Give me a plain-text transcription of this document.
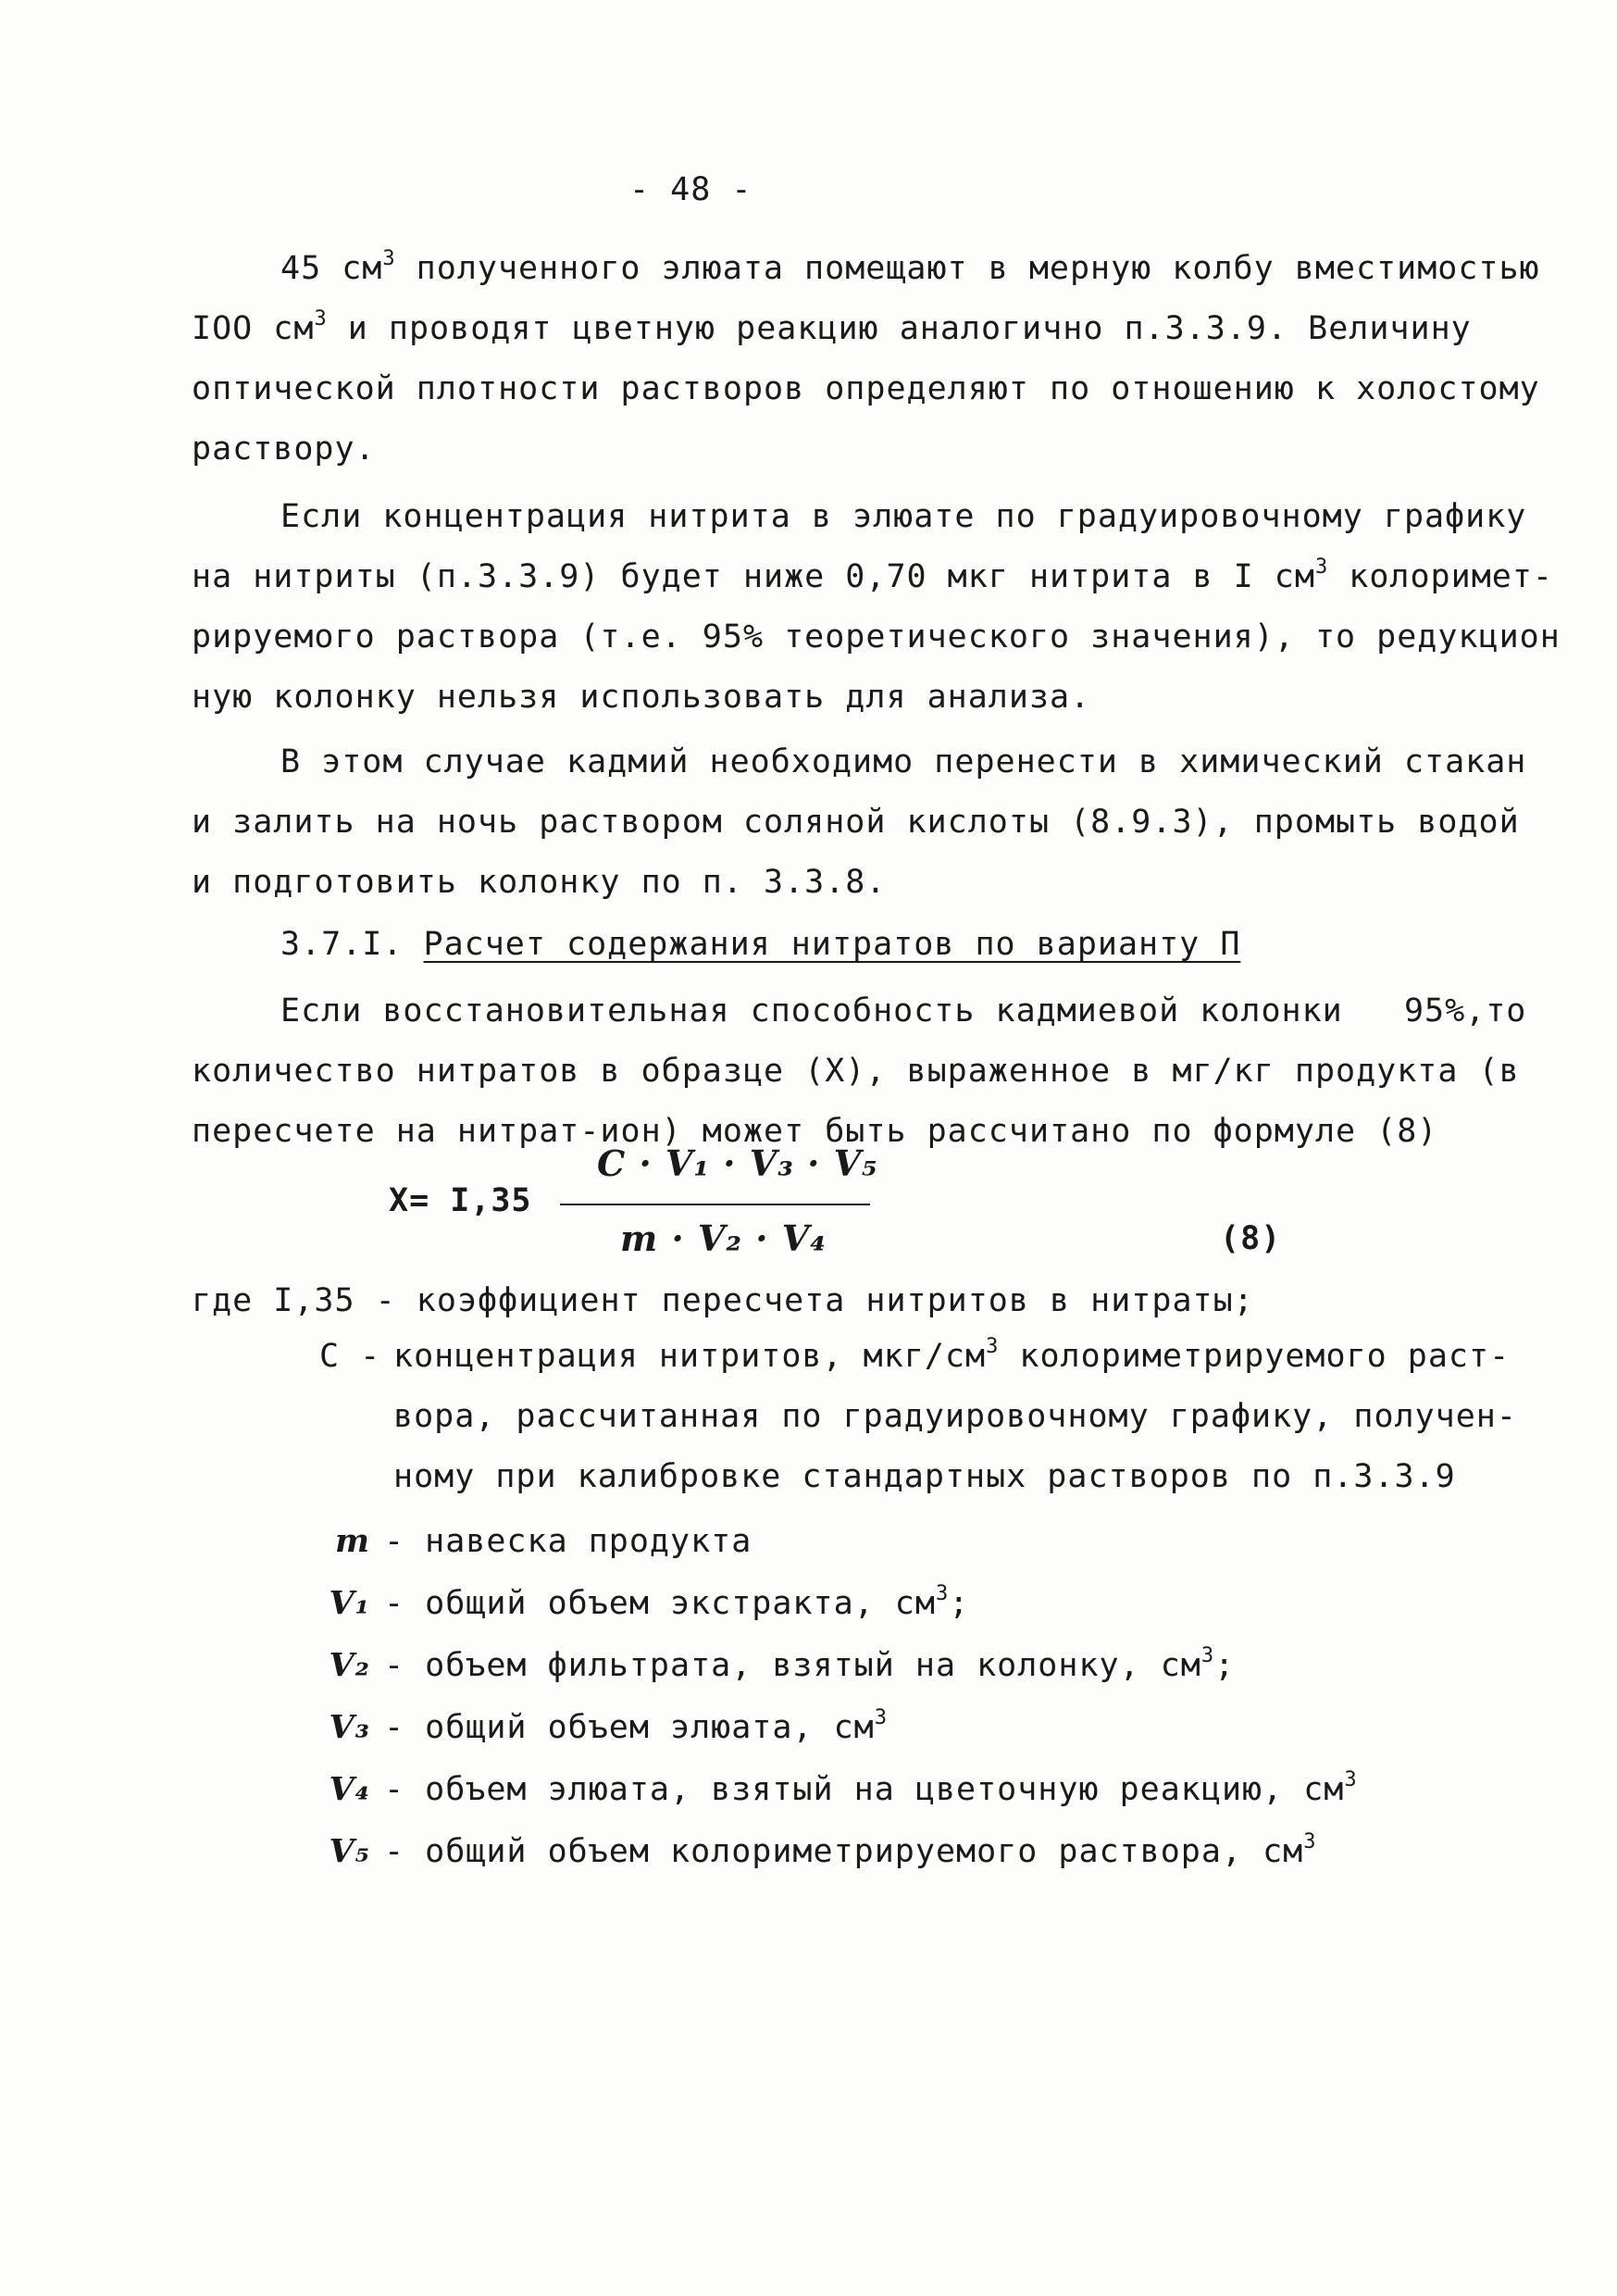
- 48 -
45 $см^3$ полученного элюата помещают в мерную колбу вместимостью
IOO $см^3$ и проводят цветную реакцию аналогично п.3.3.9. Величину
оптической плотности растворов определяют по отношению к холостому
раствору.
Если концентрация нитрита в элюате по градуировочному графику
на нитриты (п.3.3.9) будет ниже 0,70 мкг нитрита в I $см^3$ колоримет-
рируемого раствора (т.е. 95% теоретического значения), то редукцион
ную колонку нельзя использовать для анализа.
В этом случае кадмий необходимо перенести в химический стакан
и залить на ночь раствором соляной кислоты (8.9.3), промыть водой
и подготовить колонку по п. 3.3.8.
3.7.I. Расчет содержания нитратов по варианту П
Если восстановительная способность кадмиевой колонки 95%,то
количество нитратов в образце (X), выраженное в мг/кг продукта (в
пересчете на нитрат-ион) может быть рассчитано по формуле (8)
X= I,35
C · V₁ · V₃ · V₅
m · V₂ · V₄	(8)
где I,35 - коэффициент пересчета нитритов в нитраты;
С - концентрация нитритов, мкг/$см^3$ колориметрируемого раст-
вора, рассчитанная по градуировочному графику, получен-
ному при калибровке стандартных растворов по п.3.3.9

m

- навеска продукта

V₁

- общий объем экстракта, $см^3$;

V₂

- объем фильтрата, взятый на колонку, $см^3$;

V₃

- общий объем элюата, $см^3$

V₄

- объем элюата, взятый на цветочную реакцию, $см^3$

V₅

- общий объем колориметрируемого раствора, $см^3$
